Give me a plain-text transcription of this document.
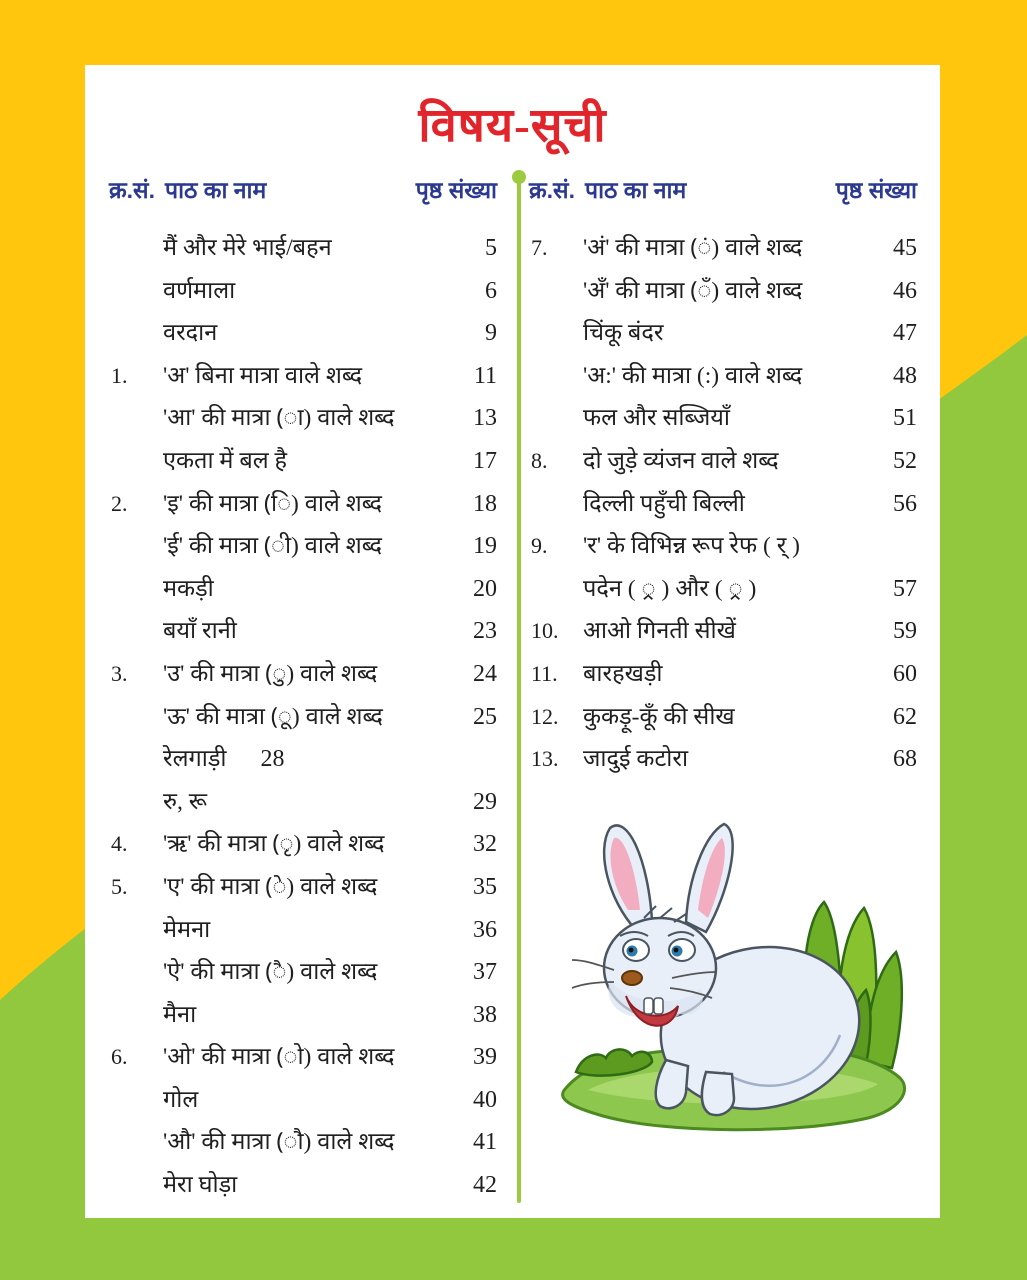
विषय-सूची
क्र.सं. पाठ का नाम	पृष्ठ संख्या
मैं और मेरे भाई/बहन	5
वर्णमाला	6
वरदान	9
1.	'अ' बिना मात्रा वाले शब्द	11
'आ' की मात्रा (ा) वाले शब्द	13
एकता में बल है	17
2.	'इ' की मात्रा (ि) वाले शब्द	18
'ई' की मात्रा (ी) वाले शब्द	19
मकड़ी	20
बयाँ रानी	23
3.	'उ' की मात्रा (ु) वाले शब्द	24
'ऊ' की मात्रा (ू) वाले शब्द	25
रेलगाड़ी 28
रु, रू	29
4.	'ऋ' की मात्रा (ृ) वाले शब्द	32
5.	'ए' की मात्रा (े) वाले शब्द	35
मेमना	36
'ऐ' की मात्रा (ै) वाले शब्द	37
मैना	38
6.	'ओ' की मात्रा (ो) वाले शब्द	39
गोल	40
'औ' की मात्रा (ौ) वाले शब्द	41
मेरा घोड़ा	42
क्र.सं. पाठ का नाम	पृष्ठ संख्या
7.	'अं' की मात्रा (ं) वाले शब्द	45
'अँ' की मात्रा (ँ) वाले शब्द	46
चिंकू बंदर	47
'अ:' की मात्रा (:) वाले शब्द	48
फल और सब्जियाँ	51
8.	दो जुड़े व्यंजन वाले शब्द	52
दिल्ली पहुँची बिल्ली	56
9.	'र' के विभिन्न रूप रेफ ( र् )
पदेन ( ्र ) और ( ्र )	57
10.	आओ गिनती सीखें	59
11.	बारहखड़ी	60
12.	कुकड़ू-कूँ की सीख	62
13.	जादुई कटोरा	68
